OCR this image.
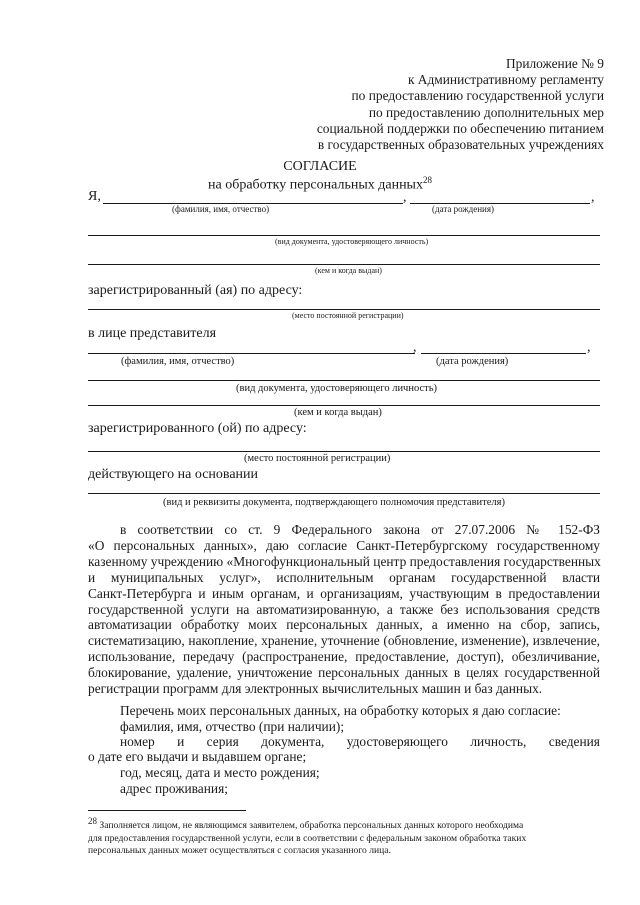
Приложение № 9
к Административному регламенту
по предоставлению государственной услуги
по предоставлению дополнительных мер
социальной поддержки по обеспечению питанием
в государственных образовательных учреждениях
СОГЛАСИЕ
на обработку персональных данных$^{28}$
Я,	,	,
(фамилия, имя, отчество)	(дата рождения)
(вид документа, удостоверяющего личность)
(кем и когда выдан)
зарегистрированный (ая) по адресу:
(место постоянной регистрации)
в лице представителя
,	,
(фамилия, имя, отчество)	(дата рождения)
(вид документа, удостоверяющего личность)
(кем и когда выдан)
зарегистрированного (ой) по адресу:
(место постоянной регистрации)
действующего на основании
(вид и реквизиты документа, подтверждающего полномочия представителя)
в соответствии со ст. 9 Федерального закона от 27.07.2006 № 152-ФЗ
«О персональных данных», даю согласие Санкт-Петербургскому государственному
казенному учреждению «Многофункциональный центр предоставления государственных
и муниципальных услуг», исполнительным органам государственной власти
Санкт-Петербурга и иным органам, и организациям, участвующим в предоставлении
государственной услуги на автоматизированную, а также без использования средств
автоматизации обработку моих персональных данных, а именно на сбор, запись,
систематизацию, накопление, хранение, уточнение (обновление, изменение), извлечение,
использование, передачу (распространение, предоставление, доступ), обезличивание,
блокирование, удаление, уничтожение персональных данных в целях государственной
регистрации программ для электронных вычислительных машин и баз данных.
Перечень моих персональных данных, на обработку которых я даю согласие:
фамилия, имя, отчество (при наличии);
номер и серия документа, удостоверяющего личность, сведения
о дате его выдачи и выдавшем органе;
год, месяц, дата и место рождения;
адрес проживания;
$^{28}$ Заполняется лицом, не являющимся заявителем, обработка персональных данных которого необходима
для предоставления государственной услуги, если в соответствии с федеральным законом обработка таких
персональных данных может осуществляться с согласия указанного лица.
